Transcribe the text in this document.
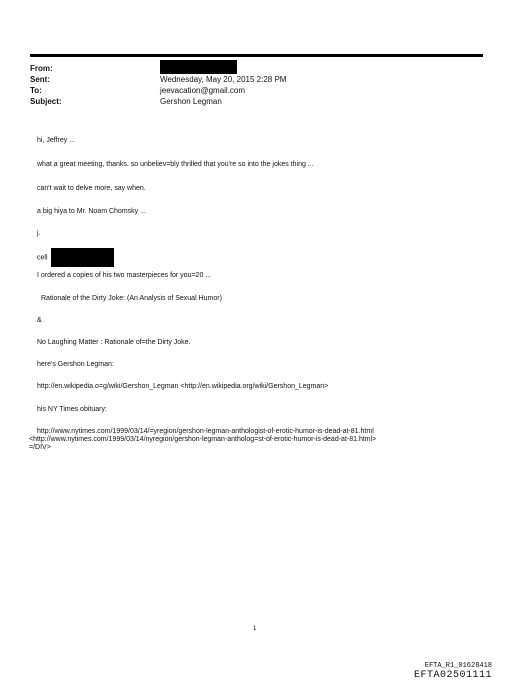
From:
Sent:	Wednesday, May 20, 2015 2:28 PM
To:	jeevacation@gmail.com
Subject:	Gershon Legman
hi, Jeffrey ...
what a great meeting, thanks. so unbeliev=bly thrilled that you're so into the jokes thing ...
can't wait to delve more, say when.
a big hiya to Mr. Noam Chomsky ...
j.
cell
I ordered a copies of his two masterpieces for you=20 ...
Rationale of the Dirty Joke: (An Analysis of Sexual Humor)
&
No Laughing Matter : Rationale of=the Dirty Joke.
here's Gershon Legman:
http://en.wikipedia.o=g/wiki/Gershon_Legman <http://en.wikipedia.org/wiki/Gershon_Legman>
his NY Times obituary:
http://www.nytimes.com/1999/03/14/=yregion/gershon-legman-anthologist-of-erotic-humor-is-dead-at-81.html
<http://www.nytimes.com/1999/03/14/nyregion/gershon-legman-antholog=st-of-erotic-humor-is-dead-at-81.html>
=/DIV>
1
EFTA_R1_01628418
EFTA02501111
